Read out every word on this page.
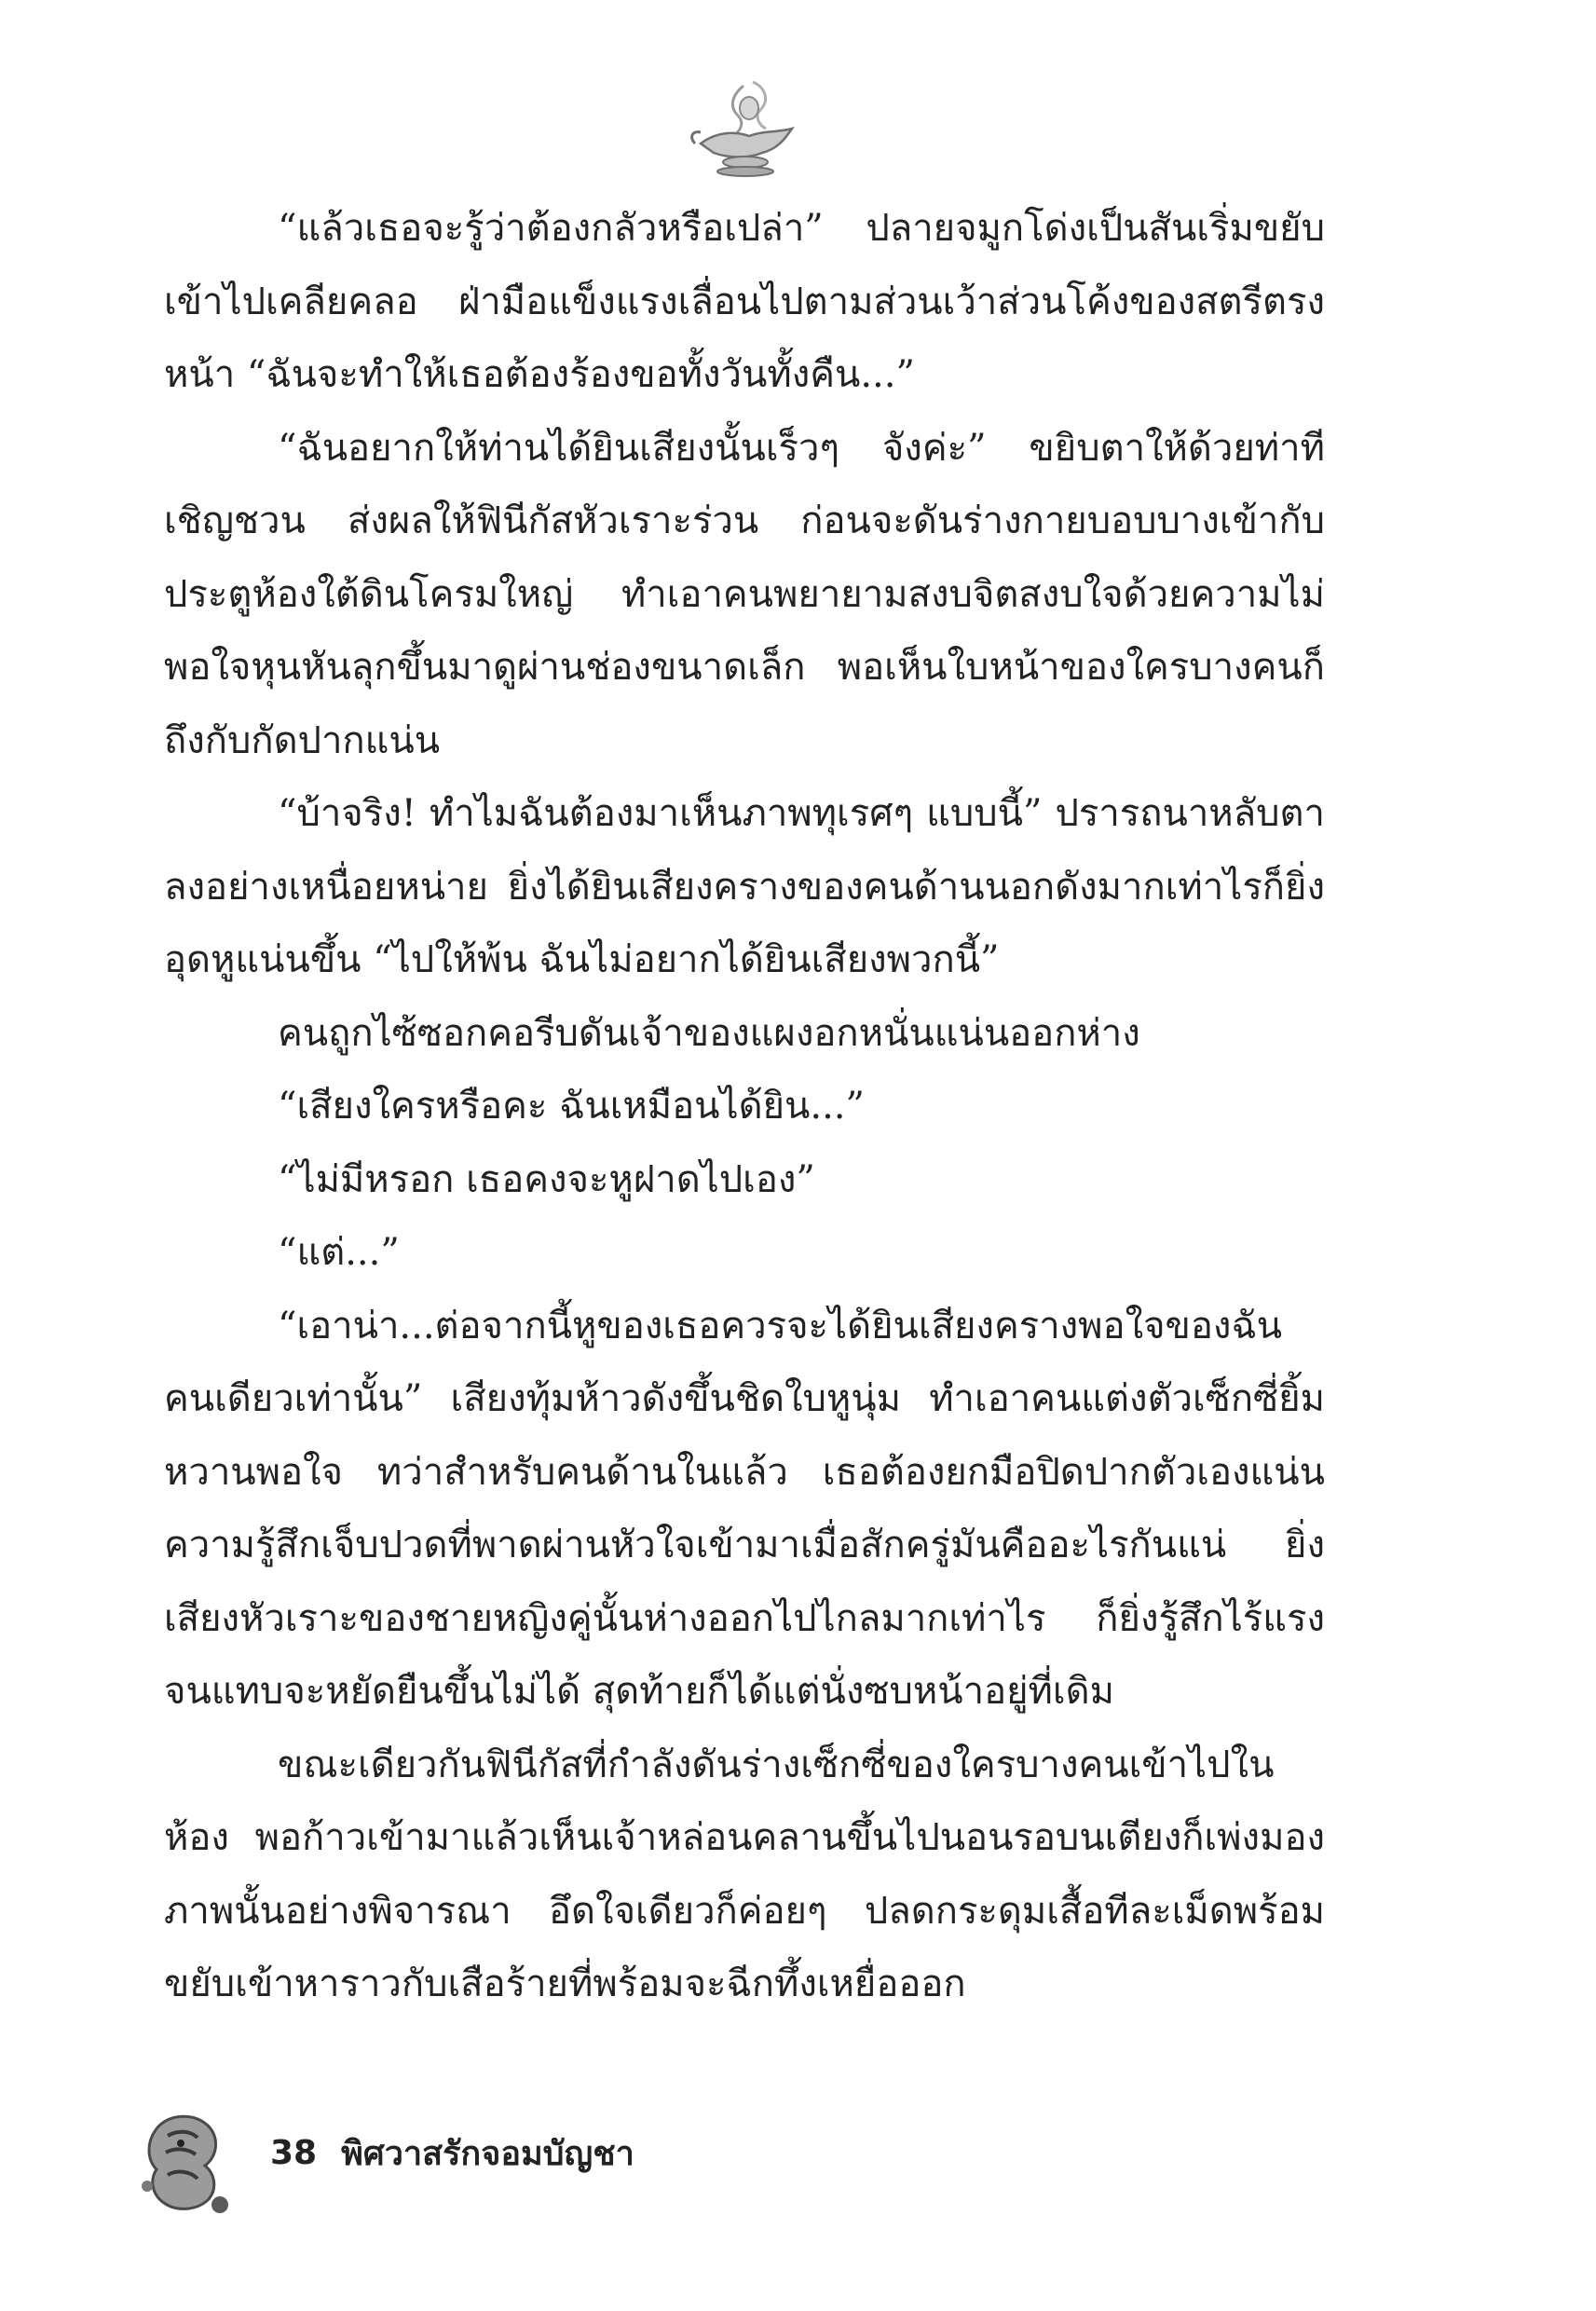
“แล้วเธอจะรู้ว่าต้องกลัวหรือเปล่า” ปลายจมูกโด่งเป็นสันเริ่มขยับเข้าไปเคลียคลอ ฝ่ามือแข็งแรงเลื่อนไปตามส่วนเว้าส่วนโค้งของสตรีตรงหน้า “ฉันจะทำให้เธอต้องร้องขอทั้งวันทั้งคืน...”

“ฉันอยากให้ท่านได้ยินเสียงนั้นเร็วๆ จังค่ะ” ขยิบตาให้ด้วยท่าทีเชิญชวน ส่งผลให้ฟินีกัสหัวเราะร่วน ก่อนจะดันร่างกายบอบบางเข้ากับประตูห้องใต้ดินโครมใหญ่ ทำเอาคนพยายามสงบจิตสงบใจด้วยความไม่พอใจหุนหันลุกขึ้นมาดูผ่านช่องขนาดเล็ก พอเห็นใบหน้าของใครบางคนก็ถึงกับกัดปากแน่น

“บ้าจริง! ทำไมฉันต้องมาเห็นภาพทุเรศๆ แบบนี้” ปรารถนาหลับตาลงอย่างเหนื่อยหน่าย ยิ่งได้ยินเสียงครางของคนด้านนอกดังมากเท่าไรก็ยิ่งอุดหูแน่นขึ้น “ไปให้พ้น ฉันไม่อยากได้ยินเสียงพวกนี้”

คนถูกไซ้ซอกคอรีบดันเจ้าของแผงอกหนั่นแน่นออกห่าง

“เสียงใครหรือคะ ฉันเหมือนได้ยิน...”

“ไม่มีหรอก เธอคงจะหูฝาดไปเอง”

“แต่...”

“เอาน่า...ต่อจากนี้หูของเธอควรจะได้ยินเสียงครางพอใจของฉันคนเดียวเท่านั้น” เสียงทุ้มห้าวดังขึ้นชิดใบหูนุ่ม ทำเอาคนแต่งตัวเซ็กซี่ยิ้มหวานพอใจ ทว่าสำหรับคนด้านในแล้ว เธอต้องยกมือปิดปากตัวเองแน่น ความรู้สึกเจ็บปวดที่พาดผ่านหัวใจเข้ามาเมื่อสักครู่มันคืออะไรกันแน่ ยิ่งเสียงหัวเราะของชายหญิงคู่นั้นห่างออกไปไกลมากเท่าไร ก็ยิ่งรู้สึกไร้แรงจนแทบจะหยัดยืนขึ้นไม่ได้ สุดท้ายก็ได้แต่นั่งซบหน้าอยู่ที่เดิม

ขณะเดียวกันฟินีกัสที่กำลังดันร่างเซ็กซี่ของใครบางคนเข้าไปในห้อง พอก้าวเข้ามาแล้วเห็นเจ้าหล่อนคลานขึ้นไปนอนรอบนเตียงก็เพ่งมองภาพนั้นอย่างพิจารณา อึดใจเดียวก็ค่อยๆ ปลดกระดุมเสื้อทีละเม็ดพร้อมขยับเข้าหาราวกับเสือร้ายที่พร้อมจะฉีกทึ้งเหยื่อออก

38 พิศวาสรักจอมบัญชา
